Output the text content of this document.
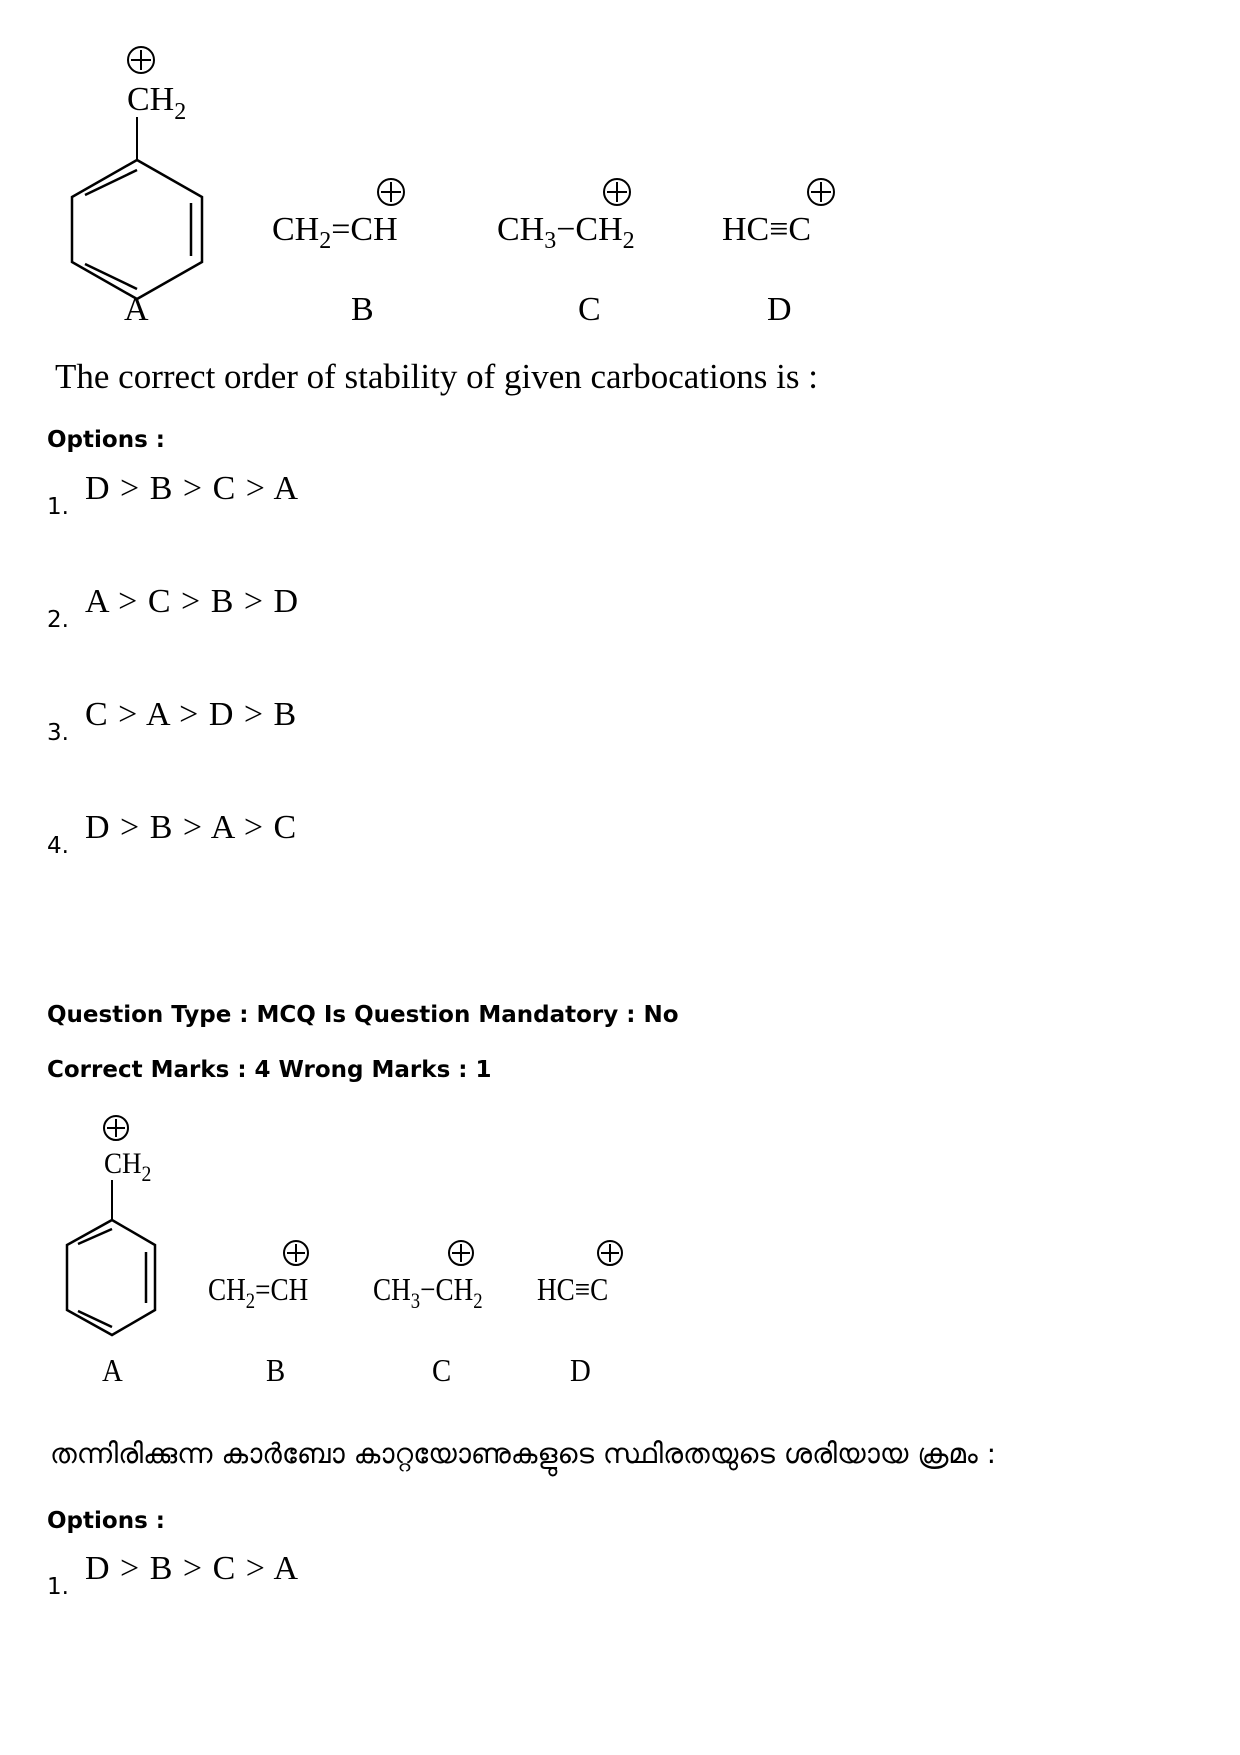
$CH_2$
A
$CH_2=CH$
B
$CH_3-CH_2$
C
HC≡C
D
The correct order of stability of given carbocations is :
Options :
1. D > B > C > A
2. A > C > B > D
3. C > A > D > B
4. D > B > A > C
Question Type : MCQ Is Question Mandatory : No
Correct Marks : 4 Wrong Marks : 1
$CH_2$
A
$CH_2=CH$
B
$CH_3-CH_2$
C
HC≡C
D
തന്നിരിക്കുന്ന കാർബോ കാറ്റയോണുകളുടെ സ്ഥിരതയുടെ ശരിയായ ക്രമം :
Options :
1. D > B > C > A
